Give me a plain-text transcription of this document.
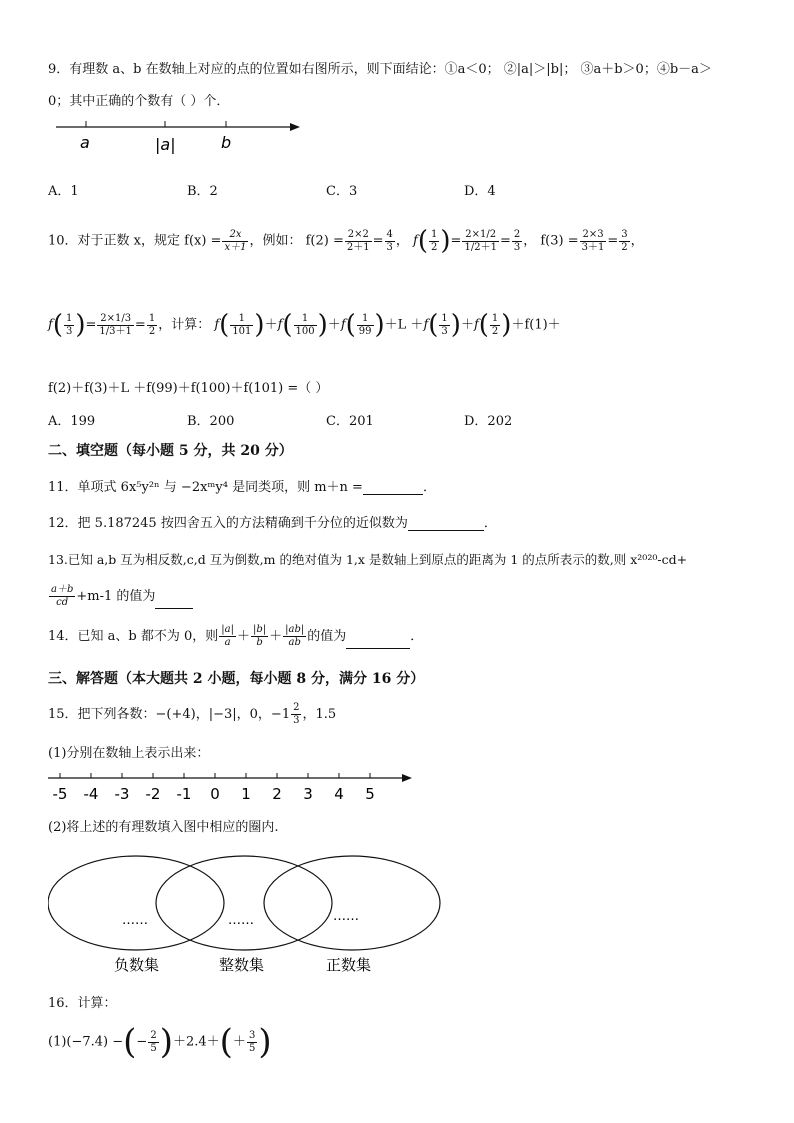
9．有理数 a、b 在数轴上对应的点的位置如右图所示，则下面结论：①a＜0； ②|a|＞|b|； ③a＋b＞0；④b－a＞
0；其中正确的个数有（ ）个．
a	|a|	b
A．1	B．2	C．3	D．4
10．对于正数 x，规定 $f(x) = \frac{2x}{x+1}$ ，例如： $f(2) = \frac{2\times 2}{2+1} = \frac{4}{3}$ ， $f( \frac{1}{2}$ )= $\frac{2\times 1/2}{1/2+1} = \frac{2}{3}$ ， $f(3) = \frac{2\times 3}{3+1} = \frac{3}{2}$ ，
$f( \frac{1}{3}$ )= $\frac{2\times 1/3}{1/3+1} = \frac{1}{2}$ ，计算： $f( \frac{1}{101} )+f( \frac{1}{100} )+f( \frac{1}{99} )+L +f( \frac{1}{3} )+f( \frac{1}{2} )+f(1)+$
f(2)＋f(3)＋L ＋f(99)＋f(100)＋f(101) =（ ）
A．199	B．200	C．201	D．202
二、填空题（每小题 5 分，共 20 分）
11．单项式 6x⁵y²ⁿ 与 −2xᵐy⁴ 是同类项，则 m＋n =	．
12．把 5.187245 按四舍五入的方法精确到千分位的近似数为	．
13.已知 a,b 互为相反数,c,d 互为倒数,m 的绝对值为 1,x 是数轴上到原点的距离为 1 的点所表示的数,则 x²⁰²⁰-cd+
$\frac{a+b}{cd} +m-1$ 的值为
14．已知 a、b 都不为 0，则 $\frac{|a|}{a} + \frac{|b|}{b} + \frac{|ab|}{ab}$ 的值为	．
三、解答题（本大题共 2 小题，每小题 8 分，满分 16 分）
15．把下列各数：−(+4)，|−3|，0，$-1 \frac{2}{3}$ ，1.5
(1)分别在数轴上表示出来：
-5 -4 -3 -2 -1 0 1 2 3 4 5
(2)将上述的有理数填入图中相应的圈内.
……	……	……
负数集	整数集	正数集
16．计算：
(1)(−7.4) −(− $\frac{2}{5} )+2.4+(+ \frac{3}{5}$ )
